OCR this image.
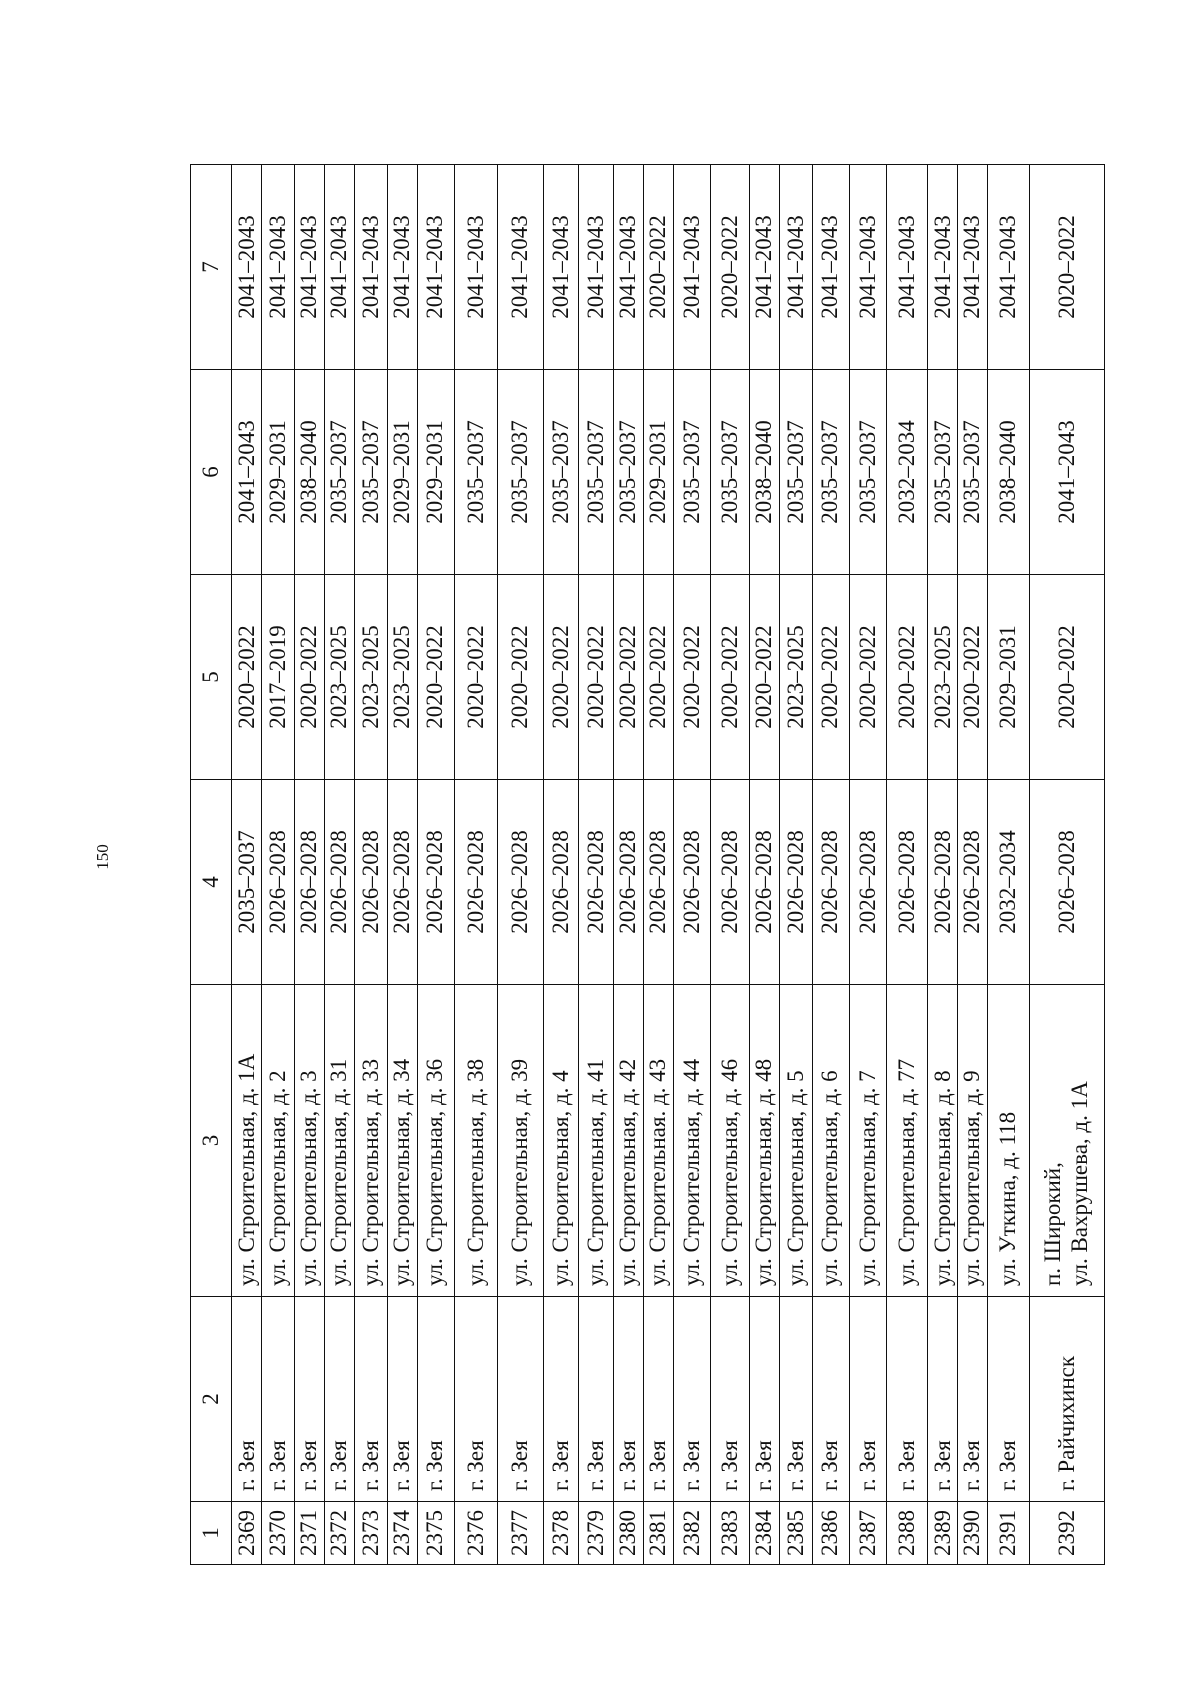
150
1	2	3	4	5	6	7
2369	г. Зея	ул. Строительная, д. 1А	2035–2037	2020–2022	2041–2043	2041–2043
2370	г. Зея	ул. Строительная, д. 2	2026–2028	2017–2019	2029–2031	2041–2043
2371	г. Зея	ул. Строительная, д. 3	2026–2028	2020–2022	2038–2040	2041–2043
2372	г. Зея	ул. Строительная, д. 31	2026–2028	2023–2025	2035–2037	2041–2043
2373	г. Зея	ул. Строительная, д. 33	2026–2028	2023–2025	2035–2037	2041–2043
2374	г. Зея	ул. Строительная, д. 34	2026–2028	2023–2025	2029–2031	2041–2043
2375	г. Зея	ул. Строительная, д. 36	2026–2028	2020–2022	2029–2031	2041–2043
2376	г. Зея	ул. Строительная, д. 38	2026–2028	2020–2022	2035–2037	2041–2043
2377	г. Зея	ул. Строительная, д. 39	2026–2028	2020–2022	2035–2037	2041–2043
2378	г. Зея	ул. Строительная, д. 4	2026–2028	2020–2022	2035–2037	2041–2043
2379	г. Зея	ул. Строительная, д. 41	2026–2028	2020–2022	2035–2037	2041–2043
2380	г. Зея	ул. Строительная, д. 42	2026–2028	2020–2022	2035–2037	2041–2043
2381	г. Зея	ул. Строительная. д. 43	2026–2028	2020–2022	2029–2031	2020–2022
2382	г. Зея	ул. Строительная, д. 44	2026–2028	2020–2022	2035–2037	2041–2043
2383	г. Зея	ул. Строительная, д. 46	2026–2028	2020–2022	2035–2037	2020–2022
2384	г. Зея	ул. Строительная, д. 48	2026–2028	2020–2022	2038–2040	2041–2043
2385	г. Зея	ул. Строительная, д. 5	2026–2028	2023–2025	2035–2037	2041–2043
2386	г. Зея	ул. Строительная, д. 6	2026–2028	2020–2022	2035–2037	2041–2043
2387	г. Зея	ул. Строительная, д. 7	2026–2028	2020–2022	2035–2037	2041–2043
2388	г. Зея	ул. Строительная, д. 77	2026–2028	2020–2022	2032–2034	2041–2043
2389	г. Зея	ул. Строительная, д. 8	2026–2028	2023–2025	2035–2037	2041–2043
2390	г. Зея	ул. Строительная, д. 9	2026–2028	2020–2022	2035–2037	2041–2043
2391	г. Зея	ул. Уткина, д. 118	2032–2034	2029–2031	2038–2040	2041–2043
2392	г. Райчихинск	п. Широкий, ул. Вахрушева, д. 1А	2026–2028	2020–2022	2041–2043	2020–2022
